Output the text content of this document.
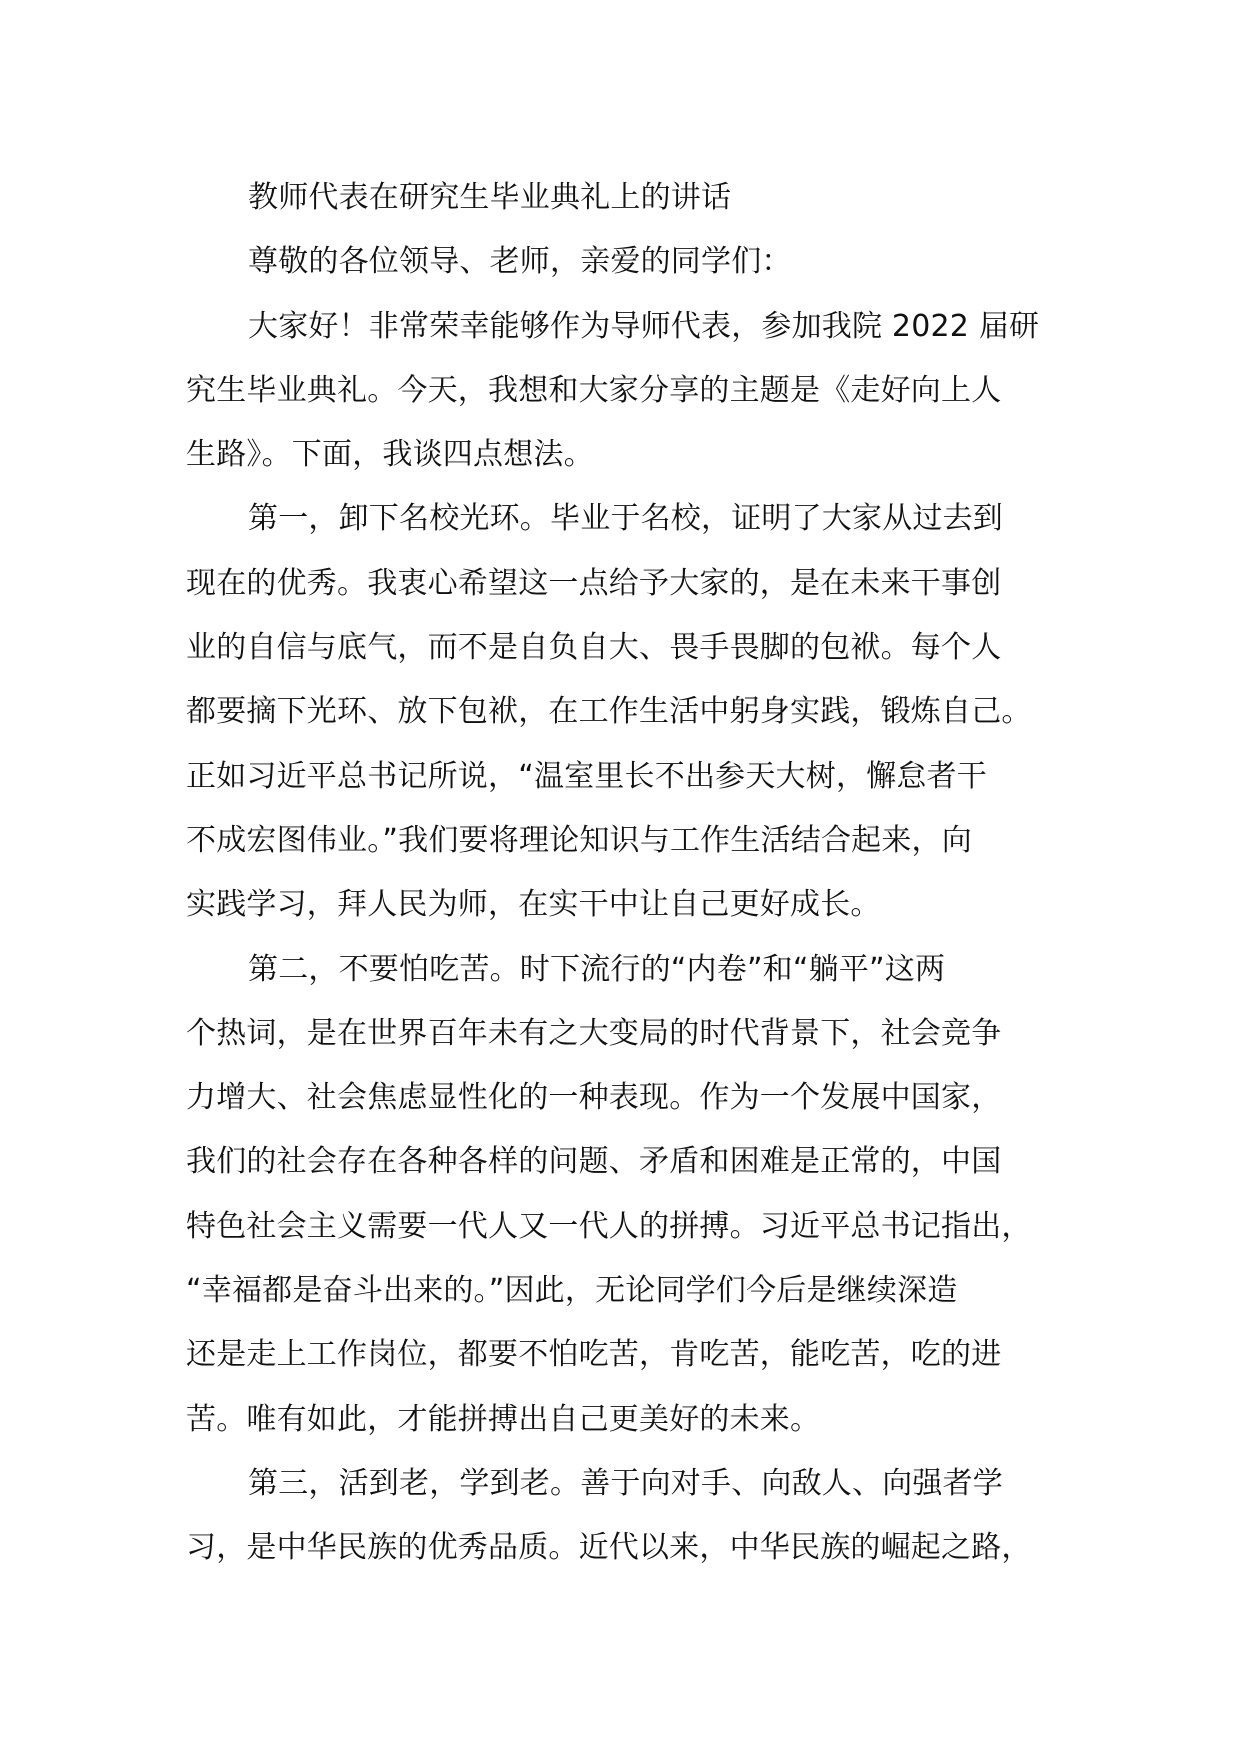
教师代表在研究生毕业典礼上的讲话
尊敬的各位领导、老师，亲爱的同学们：
大家好！非常荣幸能够作为导师代表，参加我院 2022 届研
究生毕业典礼。今天，我想和大家分享的主题是《走好向上人
生路》。下面，我谈四点想法。
第一，卸下名校光环。毕业于名校，证明了大家从过去到
现在的优秀。我衷心希望这一点给予大家的，是在未来干事创
业的自信与底气，而不是自负自大、畏手畏脚的包袱。每个人
都要摘下光环、放下包袱，在工作生活中躬身实践，锻炼自己。
正如习近平总书记所说，“温室里长不出参天大树，懈怠者干
不成宏图伟业。”我们要将理论知识与工作生活结合起来，向
实践学习，拜人民为师，在实干中让自己更好成长。
第二，不要怕吃苦。时下流行的“内卷”和“躺平”这两
个热词，是在世界百年未有之大变局的时代背景下，社会竞争
力增大、社会焦虑显性化的一种表现。作为一个发展中国家，
我们的社会存在各种各样的问题、矛盾和困难是正常的，中国
特色社会主义需要一代人又一代人的拼搏。习近平总书记指出，
“幸福都是奋斗出来的。”因此，无论同学们今后是继续深造
还是走上工作岗位，都要不怕吃苦，肯吃苦，能吃苦，吃的进
苦。唯有如此，才能拼搏出自己更美好的未来。
第三，活到老，学到老。善于向对手、向敌人、向强者学
习，是中华民族的优秀品质。近代以来，中华民族的崛起之路，
